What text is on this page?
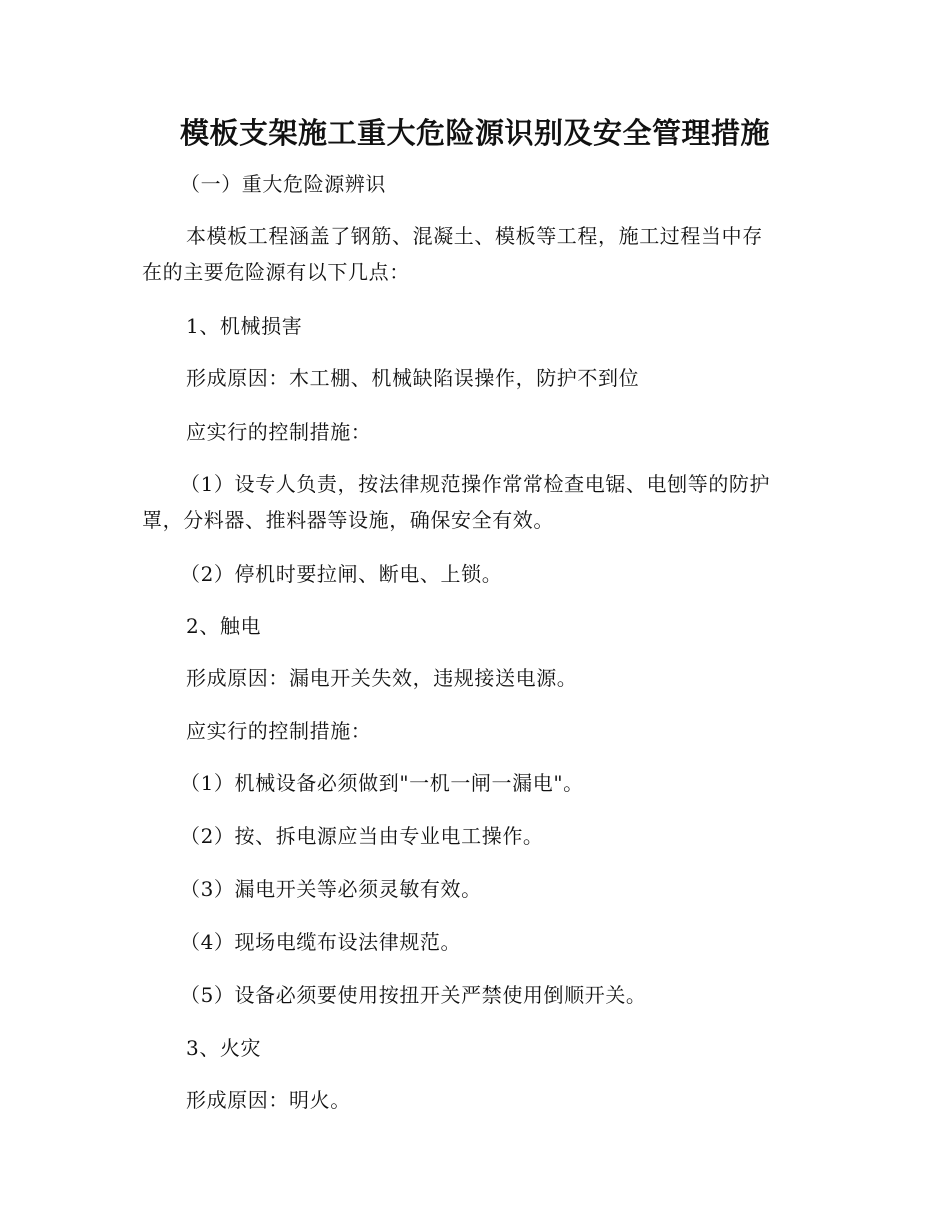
模板支架施工重大危险源识别及安全管理措施

（一）重大危险源辨识

本模板工程涵盖了钢筋、混凝土、模板等工程，施工过程当中存

在的主要危险源有以下几点：

1、机械损害

形成原因：木工棚、机械缺陷误操作，防护不到位

应实行的控制措施：

（1）设专人负责，按法律规范操作常常检查电锯、电刨等的防护

罩，分料器、推料器等设施，确保安全有效。

（2）停机时要拉闸、断电、上锁。

2、触电

形成原因：漏电开关失效，违规接送电源。

应实行的控制措施：

（1）机械设备必须做到"一机一闸一漏电"。

（2）按、拆电源应当由专业电工操作。

（3）漏电开关等必须灵敏有效。

（4）现场电缆布设法律规范。

（5）设备必须要使用按扭开关严禁使用倒顺开关。

3、火灾

形成原因：明火。
